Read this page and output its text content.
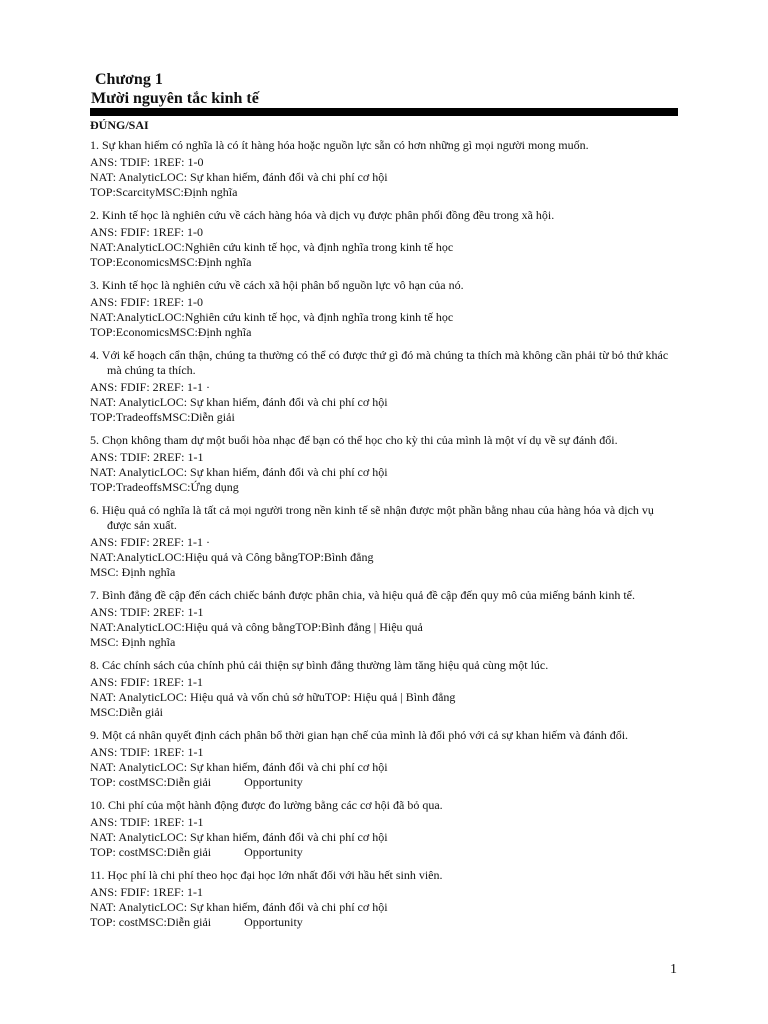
Chương 1
Mười nguyên tắc kinh tế
ĐÚNG/SAI
1. Sự khan hiếm có nghĩa là có ít hàng hóa hoặc nguồn lực sẵn có hơn những gì mọi người mong muốn.
ANS: TDIF: 1REF: 1-0
NAT: AnalyticLOC: Sự khan hiếm, đánh đổi và chi phí cơ hội
TOP:ScarcityMSC:Định nghĩa
2. Kinh tế học là nghiên cứu về cách hàng hóa và dịch vụ được phân phối đồng đều trong xã hội.
ANS: FDIF: 1REF: 1-0
NAT:AnalyticLOC:Nghiên cứu kinh tế học, và định nghĩa trong kinh tế học
TOP:EconomicsMSC:Định nghĩa
3. Kinh tế học là nghiên cứu về cách xã hội phân bổ nguồn lực vô hạn của nó.
ANS: FDIF: 1REF: 1-0
NAT:AnalyticLOC:Nghiên cứu kinh tế học, và định nghĩa trong kinh tế học
TOP:EconomicsMSC:Định nghĩa
4. Với kế hoạch cẩn thận, chúng ta thường có thể có được thứ gì đó mà chúng ta thích mà không cần phải từ bỏ thứ khác mà chúng ta thích.
ANS: FDIF: 2REF: 1-1 ·
NAT: AnalyticLOC: Sự khan hiếm, đánh đổi và chi phí cơ hội
TOP:TradeoffsMSC:Diễn giải
5. Chọn không tham dự một buổi hòa nhạc để bạn có thể học cho kỳ thi của mình là một ví dụ về sự đánh đổi.
ANS: TDIF: 2REF: 1-1
NAT: AnalyticLOC: Sự khan hiếm, đánh đổi và chi phí cơ hội
TOP:TradeoffsMSC:Ứng dụng
6. Hiệu quả có nghĩa là tất cả mọi người trong nền kinh tế sẽ nhận được một phần bằng nhau của hàng hóa và dịch vụ được sản xuất.
ANS: FDIF: 2REF: 1-1 ·
NAT:AnalyticLOC:Hiệu quả và Công bằngTOP:Bình đẳng
MSC: Định nghĩa
7. Bình đẳng đề cập đến cách chiếc bánh được phân chia, và hiệu quả đề cập đến quy mô của miếng bánh kinh tế.
ANS: TDIF: 2REF: 1-1
NAT:AnalyticLOC:Hiệu quả và công bằngTOP:Bình đẳng | Hiệu quả
MSC: Định nghĩa
8. Các chính sách của chính phủ cải thiện sự bình đẳng thường làm tăng hiệu quả cùng một lúc.
ANS: FDIF: 1REF: 1-1
NAT: AnalyticLOC: Hiệu quả và vốn chủ sở hữuTOP: Hiệu quả | Bình đẳng
MSC:Diễn giải
9. Một cá nhân quyết định cách phân bổ thời gian hạn chế của mình là đối phó với cả sự khan hiếm và đánh đổi.
ANS: TDIF: 1REF: 1-1
NAT: AnalyticLOC: Sự khan hiếm, đánh đổi và chi phí cơ hội
TOP: costMSC:Diễn giải           Opportunity
10. Chi phí của một hành động được đo lường bằng các cơ hội đã bỏ qua.
ANS: TDIF: 1REF: 1-1
NAT: AnalyticLOC: Sự khan hiếm, đánh đổi và chi phí cơ hội
TOP: costMSC:Diễn giải           Opportunity
11. Học phí là chi phí theo học đại học lớn nhất đối với hầu hết sinh viên.
ANS: FDIF: 1REF: 1-1
NAT: AnalyticLOC: Sự khan hiếm, đánh đổi và chi phí cơ hội
TOP: costMSC:Diễn giải           Opportunity
1
